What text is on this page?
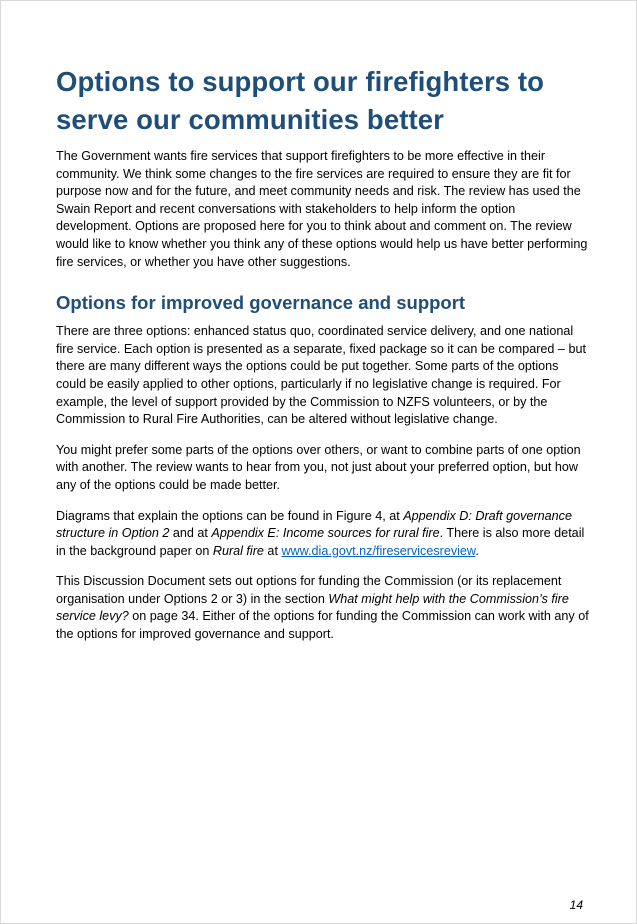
Options to support our firefighters to serve our communities better

The Government wants fire services that support firefighters to be more effective in their community. We think some changes to the fire services are required to ensure they are fit for purpose now and for the future, and meet community needs and risk. The review has used the Swain Report and recent conversations with stakeholders to help inform the option development. Options are proposed here for you to think about and comment on. The review would like to know whether you think any of these options would help us have better performing fire services, or whether you have other suggestions.

Options for improved governance and support

There are three options: enhanced status quo, coordinated service delivery, and one national fire service. Each option is presented as a separate, fixed package so it can be compared – but there are many different ways the options could be put together. Some parts of the options could be easily applied to other options, particularly if no legislative change is required. For example, the level of support provided by the Commission to NZFS volunteers, or by the Commission to Rural Fire Authorities, can be altered without legislative change.

You might prefer some parts of the options over others, or want to combine parts of one option with another. The review wants to hear from you, not just about your preferred option, but how any of the options could be made better.

Diagrams that explain the options can be found in Figure 4, at Appendix D: Draft governance structure in Option 2 and at Appendix E: Income sources for rural fire. There is also more detail in the background paper on Rural fire at www.dia.govt.nz/fireservicesreview.

This Discussion Document sets out options for funding the Commission (or its replacement organisation under Options 2 or 3) in the section What might help with the Commission’s fire service levy? on page 34. Either of the options for funding the Commission can work with any of the options for improved governance and support.

14
